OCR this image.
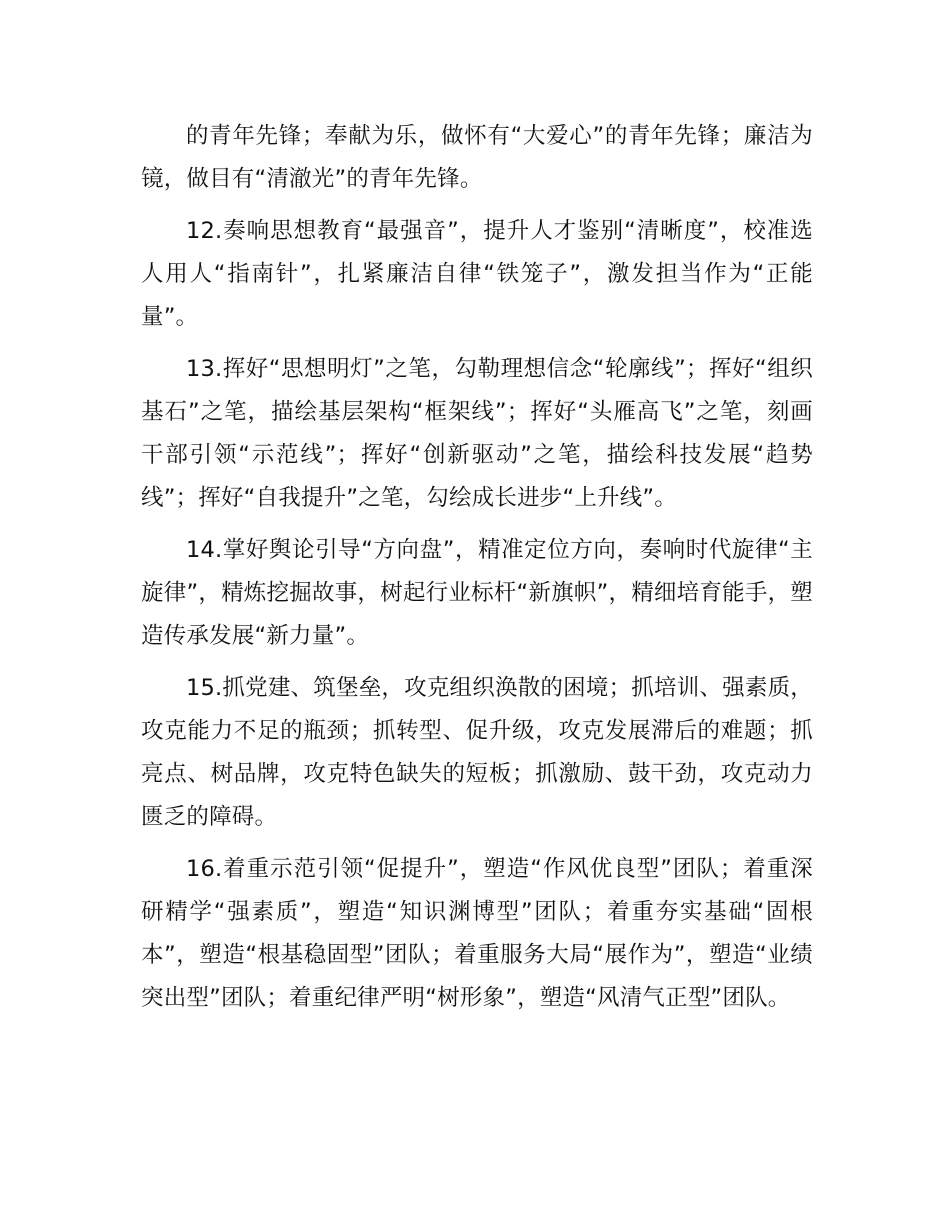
的青年先锋；奉献为乐，做怀有“大爱心”的青年先锋；廉洁为镜，做目有“清澈光”的青年先锋。

12.奏响思想教育“最强音”，提升人才鉴别“清晰度”，校准选人用人“指南针”，扎紧廉洁自律“铁笼子”，激发担当作为“正能量”。

13.挥好“思想明灯”之笔，勾勒理想信念“轮廓线”；挥好“组织基石”之笔，描绘基层架构“框架线”；挥好“头雁高飞”之笔，刻画干部引领“示范线”；挥好“创新驱动”之笔，描绘科技发展“趋势线”；挥好“自我提升”之笔，勾绘成长进步“上升线”。

14.掌好舆论引导“方向盘”，精准定位方向，奏响时代旋律“主旋律”，精炼挖掘故事，树起行业标杆“新旗帜”，精细培育能手，塑造传承发展“新力量”。

15.抓党建、筑堡垒，攻克组织涣散的困境；抓培训、强素质，攻克能力不足的瓶颈；抓转型、促升级，攻克发展滞后的难题；抓亮点、树品牌，攻克特色缺失的短板；抓激励、鼓干劲，攻克动力匮乏的障碍。

16.着重示范引领“促提升”，塑造“作风优良型”团队；着重深研精学“强素质”，塑造“知识渊博型”团队；着重夯实基础“固根本”，塑造“根基稳固型”团队；着重服务大局“展作为”，塑造“业绩突出型”团队；着重纪律严明“树形象”，塑造“风清气正型”团队。
